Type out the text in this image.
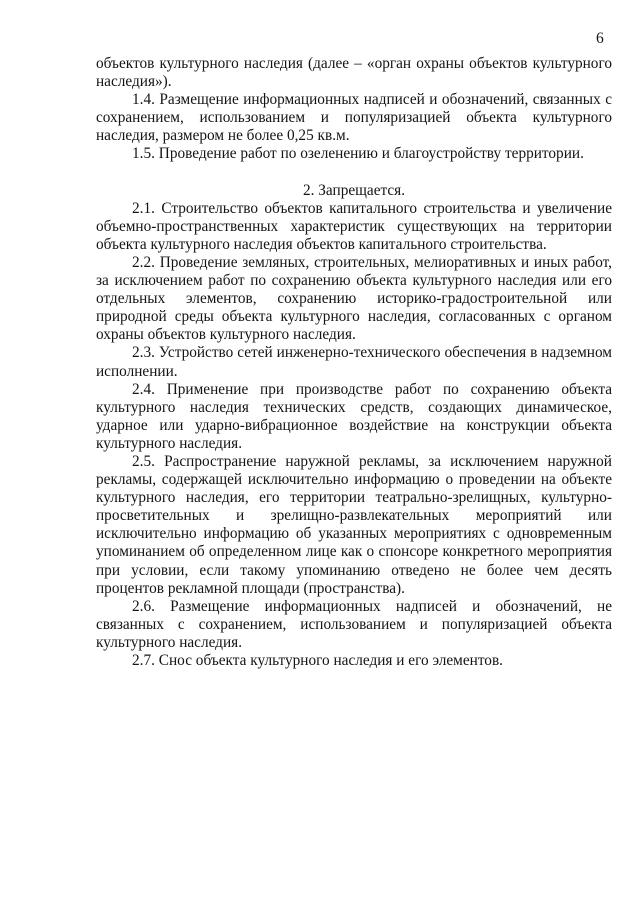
6

объектов культурного наследия (далее – «орган охраны объектов культурного наследия»).

1.4. Размещение информационных надписей и обозначений, связанных с сохранением, использованием и популяризацией объекта культурного наследия, размером не более 0,25 кв.м.

1.5. Проведение работ по озеленению и благоустройству территории.

2. Запрещается.

2.1. Строительство объектов капитального строительства и увеличение объемно-пространственных характеристик существующих на территории объекта культурного наследия объектов капитального строительства.

2.2. Проведение земляных, строительных, мелиоративных и иных работ, за исключением работ по сохранению объекта культурного наследия или его отдельных элементов, сохранению историко-градостроительной или природной среды объекта культурного наследия, согласованных с органом охраны объектов культурного наследия.

2.3. Устройство сетей инженерно-технического обеспечения в надземном исполнении.

2.4. Применение при производстве работ по сохранению объекта культурного наследия технических средств, создающих динамическое, ударное или ударно-вибрационное воздействие на конструкции объекта культурного наследия.

2.5. Распространение наружной рекламы, за исключением наружной рекламы, содержащей исключительно информацию о проведении на объекте культурного наследия, его территории театрально-зрелищных, культурно-просветительных и зрелищно-развлекательных мероприятий или исключительно информацию об указанных мероприятиях с одновременным упоминанием об определенном лице как о спонсоре конкретного мероприятия при условии, если такому упоминанию отведено не более чем десять процентов рекламной площади (пространства).

2.6. Размещение информационных надписей и обозначений, не связанных с сохранением, использованием и популяризацией объекта культурного наследия.

2.7. Снос объекта культурного наследия и его элементов.
